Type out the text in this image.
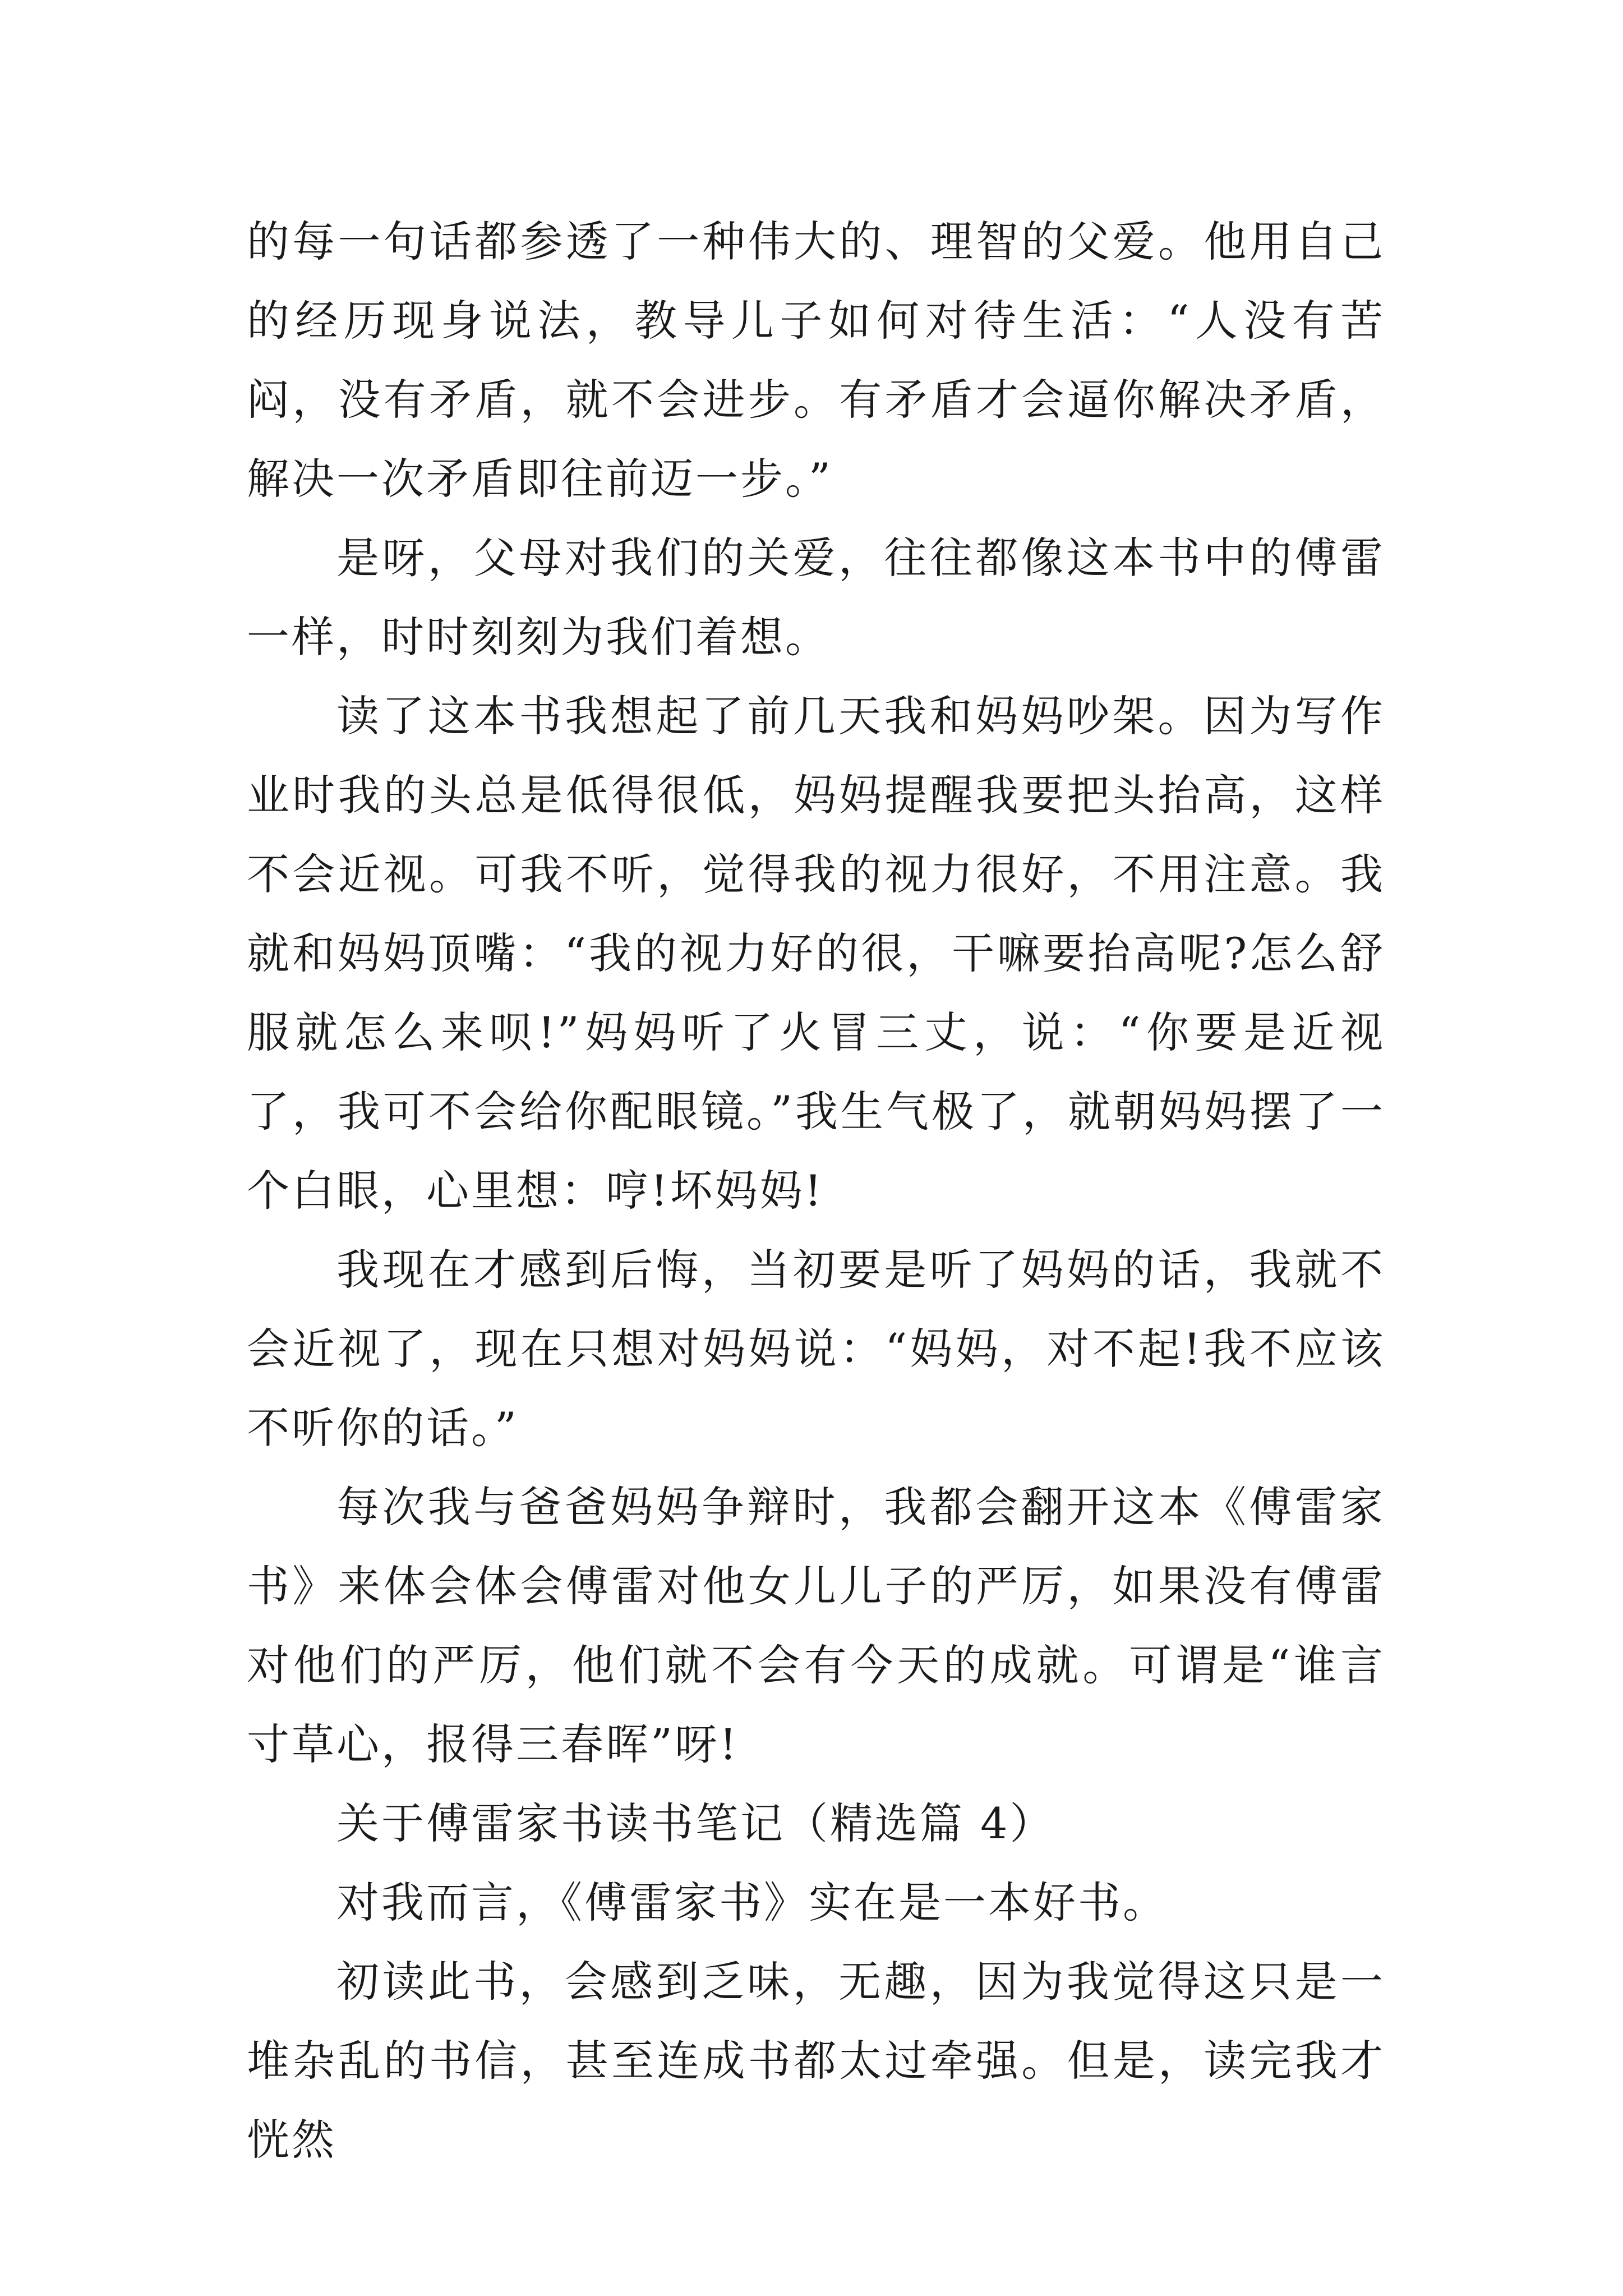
的每一句话都参透了一种伟大的、理智的父爱。他用自己的经历现身说法，教导儿子如何对待生活：“人没有苦闷，没有矛盾，就不会进步。有矛盾才会逼你解决矛盾，解决一次矛盾即往前迈一步。”

是呀，父母对我们的关爱，往往都像这本书中的傅雷一样，时时刻刻为我们着想。

读了这本书我想起了前几天我和妈妈吵架。因为写作业时我的头总是低得很低，妈妈提醒我要把头抬高，这样不会近视。可我不听，觉得我的视力很好，不用注意。我就和妈妈顶嘴：“我的视力好的很，干嘛要抬高呢?怎么舒服就怎么来呗!”妈妈听了火冒三丈，说：“你要是近视了，我可不会给你配眼镜。”我生气极了，就朝妈妈摆了一个白眼，心里想：哼!坏妈妈!

我现在才感到后悔，当初要是听了妈妈的话，我就不会近视了，现在只想对妈妈说：“妈妈，对不起!我不应该不听你的话。”

每次我与爸爸妈妈争辩时，我都会翻开这本《傅雷家书》来体会体会傅雷对他女儿儿子的严厉，如果没有傅雷对他们的严厉，他们就不会有今天的成就。可谓是“谁言寸草心，报得三春晖”呀!

关于傅雷家书读书笔记（精选篇 4）

对我而言，《傅雷家书》实在是一本好书。

初读此书，会感到乏味，无趣，因为我觉得这只是一堆杂乱的书信，甚至连成书都太过牵强。但是，读完我才恍然
